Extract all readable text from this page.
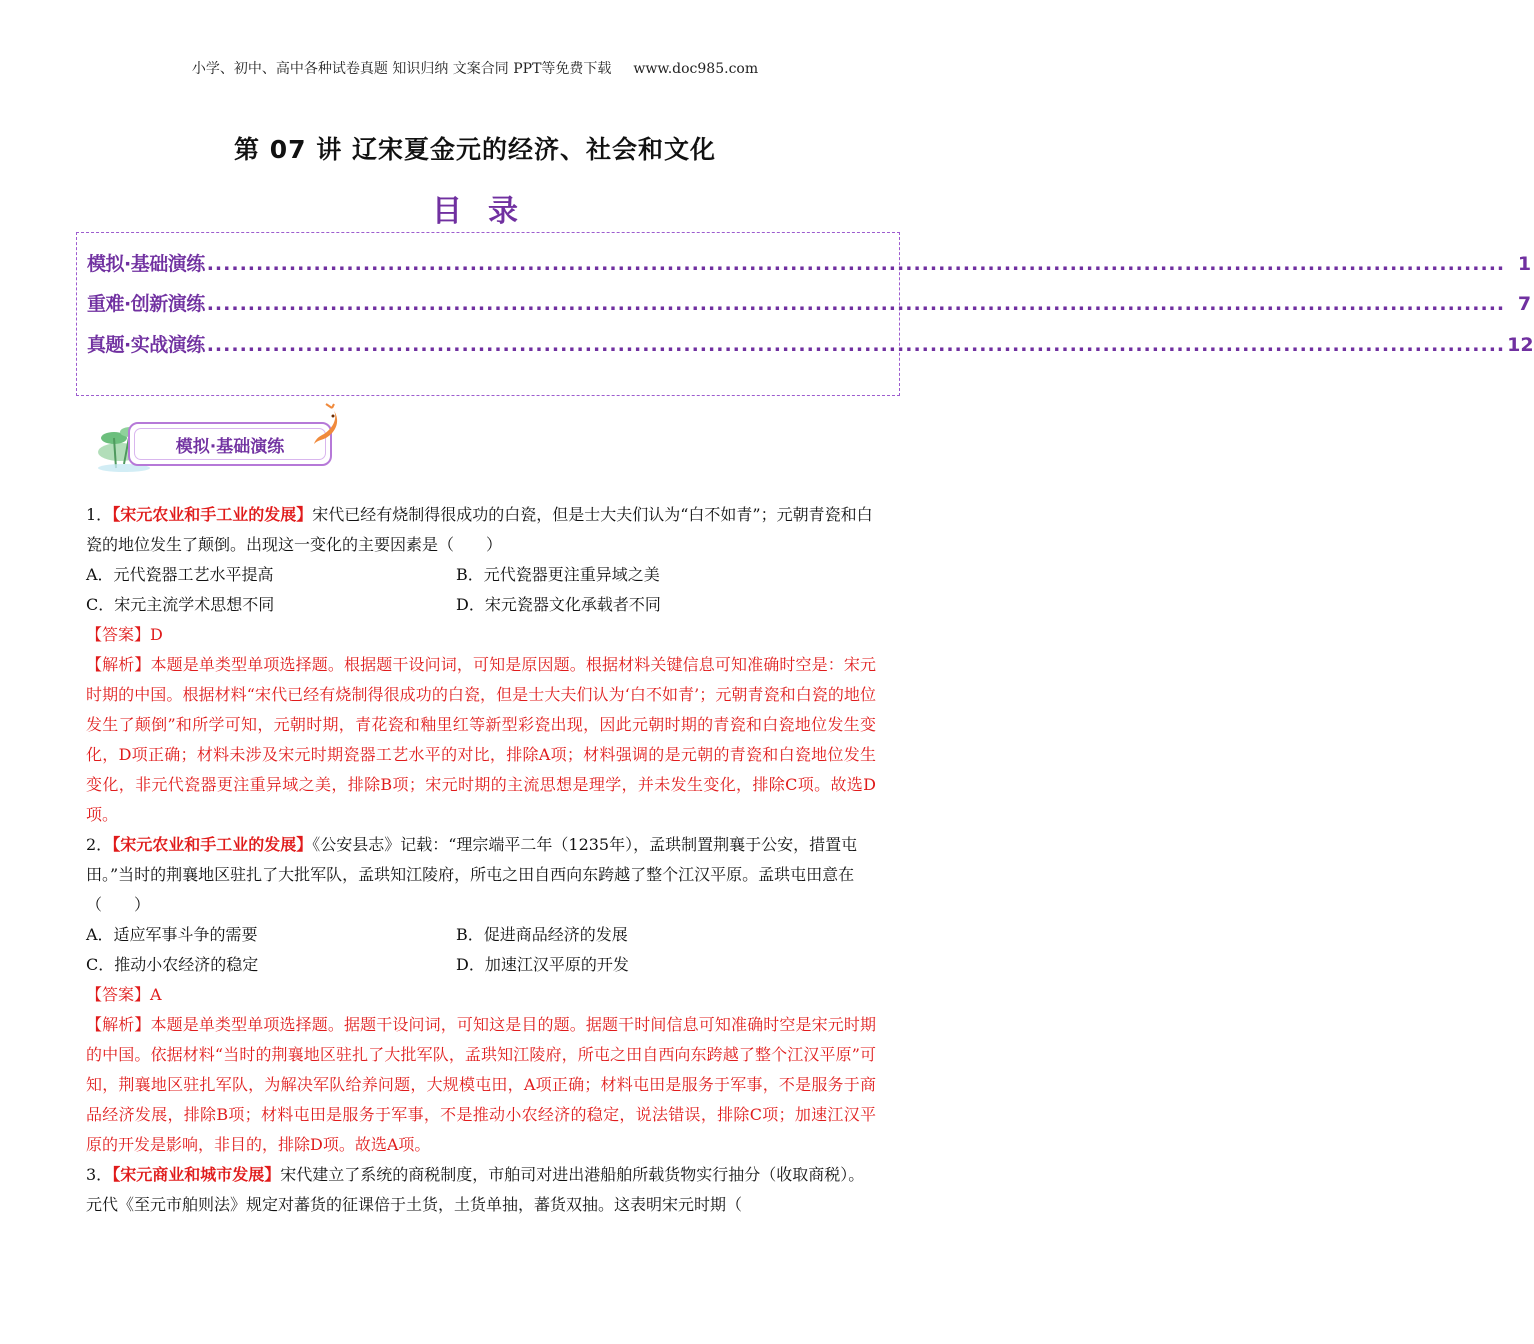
小学、初中、高中各种试卷真题 知识归纳 文案合同 PPT等免费下载 www.doc985.com
第 07 讲 辽宋夏金元的经济、社会和文化
目录
模拟·基础演练 .............................................................................................................................................................. 1
重难·创新演练 .............................................................................................................................................................. 7
真题·实战演练 .............................................................................................................................................................. 12
模拟·基础演练

1．【宋元农业和手工业的发展】宋代已经有烧制得很成功的白瓷，但是士大夫们认为“白不如青”；元朝青瓷和白瓷的地位发生了颠倒。出现这一变化的主要因素是（　　）

A．元代瓷器工艺水平提高	B．元代瓷器更注重异域之美
C．宋元主流学术思想不同	D．宋元瓷器文化承载者不同

【答案】D

【解析】本题是单类型单项选择题。根据题干设问词，可知是原因题。根据材料关键信息可知准确时空是：宋元时期的中国。根据材料“宋代已经有烧制得很成功的白瓷，但是士大夫们认为‘白不如青’；元朝青瓷和白瓷的地位发生了颠倒”和所学可知，元朝时期，青花瓷和釉里红等新型彩瓷出现，因此元朝时期的青瓷和白瓷地位发生变化，D项正确；材料未涉及宋元时期瓷器工艺水平的对比，排除A项；材料强调的是元朝的青瓷和白瓷地位发生变化，非元代瓷器更注重异域之美，排除B项；宋元时期的主流思想是理学，并未发生变化，排除C项。故选D项。

2．【宋元农业和手工业的发展】《公安县志》记载：“理宗端平二年（1235年），孟珙制置荆襄于公安，措置屯田。”当时的荆襄地区驻扎了大批军队，孟珙知江陵府，所屯之田自西向东跨越了整个江汉平原。孟珙屯田意在 （　　）

A．适应军事斗争的需要	B．促进商品经济的发展
C．推动小农经济的稳定	D．加速江汉平原的开发

【答案】A

【解析】本题是单类型单项选择题。据题干设问词，可知这是目的题。据题干时间信息可知准确时空是宋元时期的中国。依据材料“当时的荆襄地区驻扎了大批军队，孟珙知江陵府，所屯之田自西向东跨越了整个江汉平原”可知，荆襄地区驻扎军队，为解决军队给养问题，大规模屯田，A项正确；材料屯田是服务于军事，不是服务于商品经济发展，排除B项；材料屯田是服务于军事，不是推动小农经济的稳定，说法错误，排除C项；加速江汉平原的开发是影响，非目的，排除D项。故选A项。

3．【宋元商业和城市发展】宋代建立了系统的商税制度，市舶司对进出港船舶所载货物实行抽分（收取商税）。元代《至元市舶则法》规定对蕃货的征课倍于土货，土货单抽，蕃货双抽。这表明宋元时期（
